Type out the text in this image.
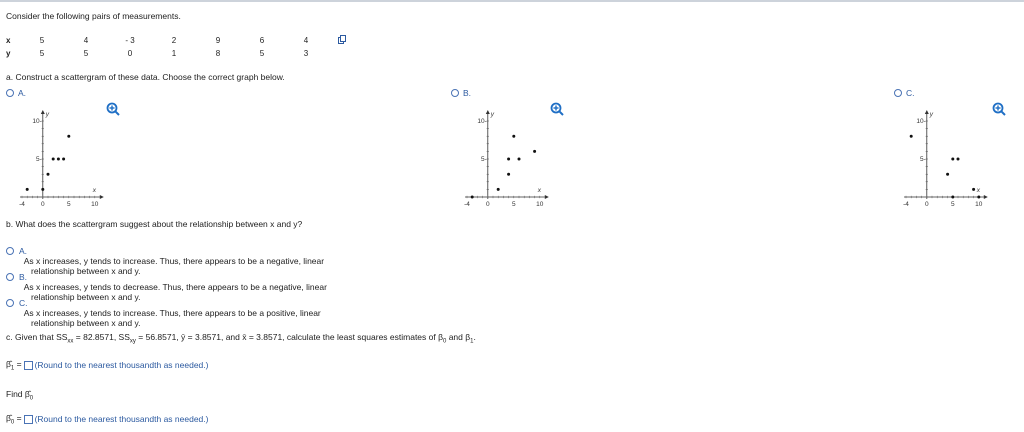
Consider the following pairs of measurements.
x	5	4	- 3	2	9	6	4
y	5	5	0	1	8	5	3
a. Construct a scattergram of these data. Choose the correct graph below.
A.
-4 0	5	10
5-
10-
x
y
B.
-4 0	5	10
5-
10-
x
y
C.
-4 0	5	10
5-
10-
x
y
b. What does the scattergram suggest about the relationship between x and y?
A.
As x increases, y tends to increase. Thus, there appears to be a negative, linear
relationship between x and y.
B.
As x increases, y tends to decrease. Thus, there appears to be a negative, linear
relationship between x and y.
C.
As x increases, y tends to increase. Thus, there appears to be a positive, linear
relationship between x and y.
c. Given that $SS_{xx} = 82.8571$, $SS_{xy} = 56.8571$, ȳ = 3.8571, and x̄ = 3.8571, calculate the least squares estimates of $\beta_0$ and $\beta_1$.
$\betâ_1$ = (Round to the nearest thousandth as needed.)
Find $\betâ_0$
$\betâ_0$ = (Round to the nearest thousandth as needed.)
